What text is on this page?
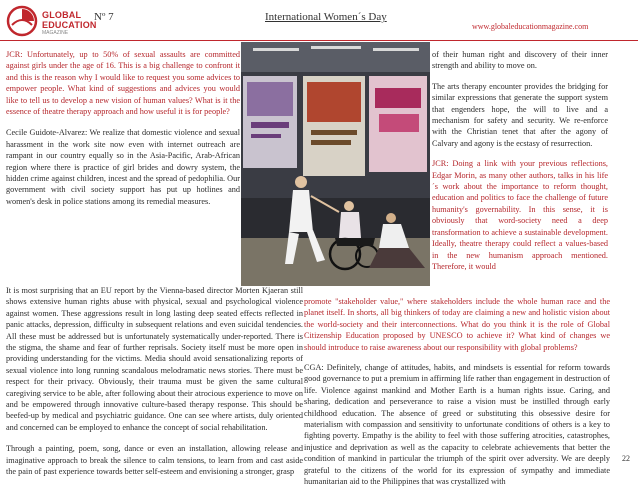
GLOBAL
EDUCATION
MAGAZINE
Nº 7	International Women´s Day
www.globaleducationmagazine.com

JCR: Unfortunately, up to 50% of sexual assaults are committed against girls under the age of 16. This is a big challenge to confront it and this is the reason why I would like to request you some advices to empower people. What kind of suggestions and advices you would like to tell us to develop a new vision of human values? What is it the essence of theatre therapy approach and how useful it is for people?

Cecile Guidote-Alvarez: We realize that domestic violence and sexual harassment in the work site now even with internet outreach are rampant in our country equally so in the Asia-Pacific, Arab-African region where there is practice of girl brides and dowry system, the hidden crime against children, incest and the spread of pedophilia. Our government with civil society support has put up hotlines and women's desk in police stations among its remedial measures.

It is most surprising that an EU report by the Vienna-based director Morten Kjaeran still shows extensive human rights abuse with physical, sexual and psychological violence against women. These aggressions result in long lasting deep seated effects reflected in panic attacks, depression, difficulty in subsequent relations and even suicidal tendencies. All these must be addressed but is unfortunately systematically under-reported. There is the stigma, the shame and fear of further reprisals. Society itself must be more open in providing understanding for the victims. Media should avoid sensationalizing reports of sexual violence into long running scandalous melodramatic news stories. There must be respect for their privacy. Obviously, their trauma must be given the same cultural caregiving service to be able, after following about their atrocious experience to move on and be empowered through innovative culture-based therapy response. This should be beefed-up by medical and psychiatric guidance. One can see where artists, duly oriented and concerned can be employed to enhance the concept of social rehabilitation.

Through a painting, poem, song, dance or even an installation, allowing release and imaginative approach to break the silence to calm tensions, to learn from and cast aside the pain of past experience towards better self-esteem and envisioning a stronger, grasp

of their human right and discovery of their inner strength and ability to move on.

The arts therapy encounter provides the bridging for similar expressions that generate the support system that engenders hope, the will to live and a mechanism for safety and security. We re-enforce with the Christian tenet that after the agony of Calvary and agony is the ecstasy of resurrection.

JCR: Doing a link with your previous reflections, Edgar Morin, as many other authors, talks in his life´s work about the importance to reform thought, education and politics to face the challenge of future humanity's governability. In this sense, it is obviously that word-society need a deep transformation to achieve a sustainable development. Ideally, theatre therapy could reflect a values-based in the new humanism approach mentioned. Therefore, it would

promote "stakeholder value," where stakeholders include the whole human race and the planet itself. In shorts, all big thinkers of today are claiming a new and holistic vision about the world-society and their interconnections. What do you think it is the role of Global Citizenship Education proposed by UNESCO to achieve it? What kind of changes we should introduce to raise awareness about our responsibility with global problems?

CGA: Definitely, change of attitudes, habits, and mindsets is essential for reform towards good governance to put a premium in affirming life rather than engagement in destruction of life. Violence against mankind and Mother Earth is a human rights issue. Caring, and sharing, dedication and perseverance to raise a vision must be instilled through early childhood education. The absence of greed or substituting this obsessive desire for materialism with compassion and sensitivity to unfortunate conditions of others is a key to fighting poverty. Empathy is the ability to feel with those suffering atrocities, catastrophes, injustice and deprivation as well as the capacity to celebrate achievements that better the condition of mankind in particular the triumph of the spirit over adversity. We are deeply grateful to the citizens of the world for its expression of sympathy and immediate humanitarian aid to the Philippines that was crystallized with

22
